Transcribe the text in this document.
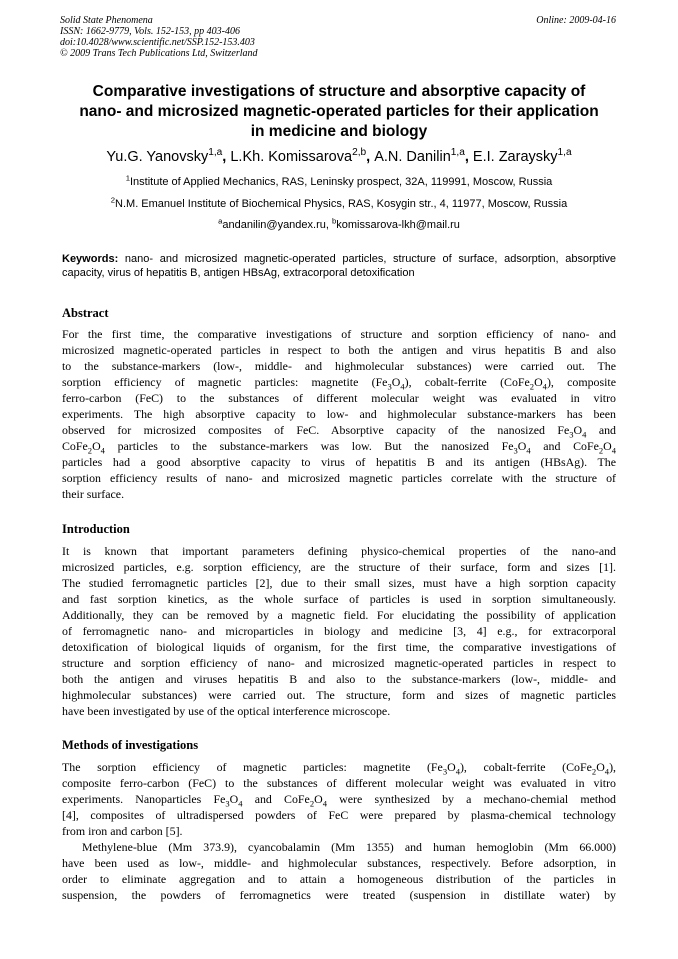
Solid State Phenomena
ISSN: 1662-9779, Vols. 152-153, pp 403-406
doi:10.4028/www.scientific.net/SSP.152-153.403
© 2009 Trans Tech Publications Ltd, Switzerland
Online: 2009-04-16
Comparative investigations of structure and absorptive capacity of
nano- and microsized magnetic-operated particles for their application
in medicine and biology
Yu.G. Yanovsky$^{1,a}$, L.Kh. Komissarova$^{2,b}$, A.N. Danilin$^{1,a}$, E.I. Zaraysky$^{1,a}$
$^1$Institute of Applied Mechanics, RAS, Leninsky prospect, 32A, 119991, Moscow, Russia
$^2$N.M. Emanuel Institute of Biochemical Physics, RAS, Kosygin str., 4, 11977, Moscow, Russia
$^a$andanilin@yandex.ru, $^b$komissarova-lkh@mail.ru
Keywords: nano- and microsized magnetic-operated particles, structure of surface, adsorption, absorptive capacity, virus of hepatitis B, antigen HBsAg, extracorporal detoxification
Abstract
For the first time, the comparative investigations of structure and sorption efficiency of nano- and
microsized magnetic-operated particles in respect to both the antigen and virus hepatitis B and also
to the substance-markers (low-, middle- and highmolecular substances) were carried out. The
sorption efficiency of magnetic particles: magnetite $(Fe_3O_4)$, cobalt-ferrite $(CoFe_2O_4)$, composite
ferro-carbon (FeC) to the substances of different molecular weight was evaluated in vitro
experiments. The high absorptive capacity to low- and highmolecular substance-markers has been
observed for microsized composites of FeC. Absorptive capacity of the nanosized $Fe_3O_4$ and
$CoFe_2O_4$ particles to the substance-markers was low. But the nanosized $Fe_3O_4$ and $CoFe_2O_4$
particles had a good absorptive capacity to virus of hepatitis B and its antigen (HBsAg). The
sorption efficiency results of nano- and microsized magnetic particles correlate with the structure of
their surface.
Introduction
It is known that important parameters defining physico-chemical properties of the nano-and
microsized particles, e.g. sorption efficiency, are the structure of their surface, form and sizes [1].
The studied ferromagnetic particles [2], due to their small sizes, must have a high sorption capacity
and fast sorption kinetics, as the whole surface of particles is used in sorption simultaneously.
Additionally, they can be removed by a magnetic field. For elucidating the possibility of application
of ferromagnetic nano- and microparticles in biology and medicine [3, 4] e.g., for extracorporal
detoxification of biological liquids of organism, for the first time, the comparative investigations of
structure and sorption efficiency of nano- and microsized magnetic-operated particles in respect to
both the antigen and viruses hepatitis B and also to the substance-markers (low-, middle- and
highmolecular substances) were carried out. The structure, form and sizes of magnetic particles
have been investigated by use of the optical interference microscope.
Methods of investigations
The sorption efficiency of magnetic particles: magnetite $(Fe_3O_4)$, cobalt-ferrite $(CoFe_2O_4)$,
composite ferro-carbon (FeC) to the substances of different molecular weight was evaluated in vitro
experiments. Nanoparticles $Fe_3O_4$ and $CoFe_2O_4$ were synthesized by a mechano-chemial method
[4], composites of ultradispersed powders of FeC were prepared by plasma-chemical technology
from iron and carbon [5].
Methylene-blue (Mm 373.9), cyancobalamin (Mm 1355) and human hemoglobin (Mm 66.000)
have been used as low-, middle- and highmolecular substances, respectively. Before adsorption, in
order to eliminate aggregation and to attain a homogeneous distribution of the particles in
suspension, the powders of ferromagnetics were treated (suspension in distillate water) by
